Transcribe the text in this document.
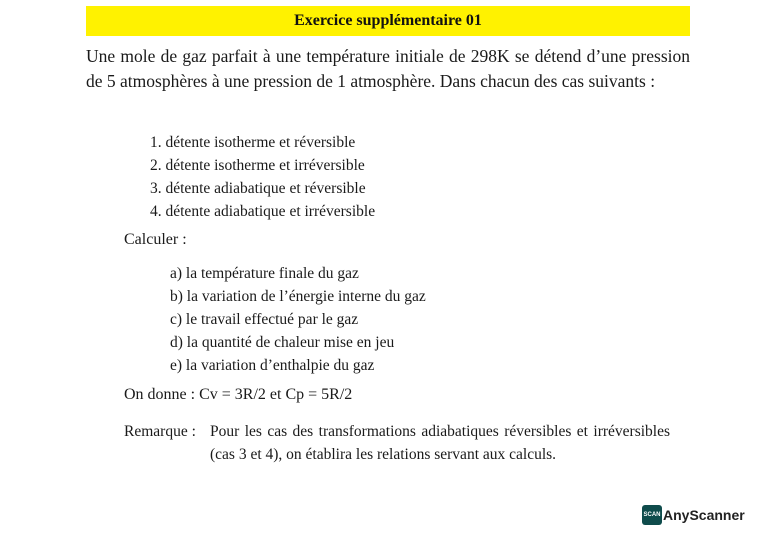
Exercice supplémentaire 01

Une mole de gaz parfait à une température initiale de 298K se détend d’une pression de 5 atmosphères à une pression de 1 atmosphère. Dans chacun des cas suivants :

1. détente isotherme et réversible
2. détente isotherme et irréversible
3. détente adiabatique et réversible
4. détente adiabatique et irréversible

Calculer :

a) la température finale du gaz
b) la variation de l’énergie interne du gaz
c) le travail effectué par le gaz
d) la quantité de chaleur mise en jeu
e) la variation d’enthalpie du gaz

On donne : Cv = 3R/2 et Cp = 5R/2

Remarque : Pour les cas des transformations adiabatiques réversibles et irréversibles (cas 3 et 4), on établira les relations servant aux calculs.
SCAN AnyScanner
